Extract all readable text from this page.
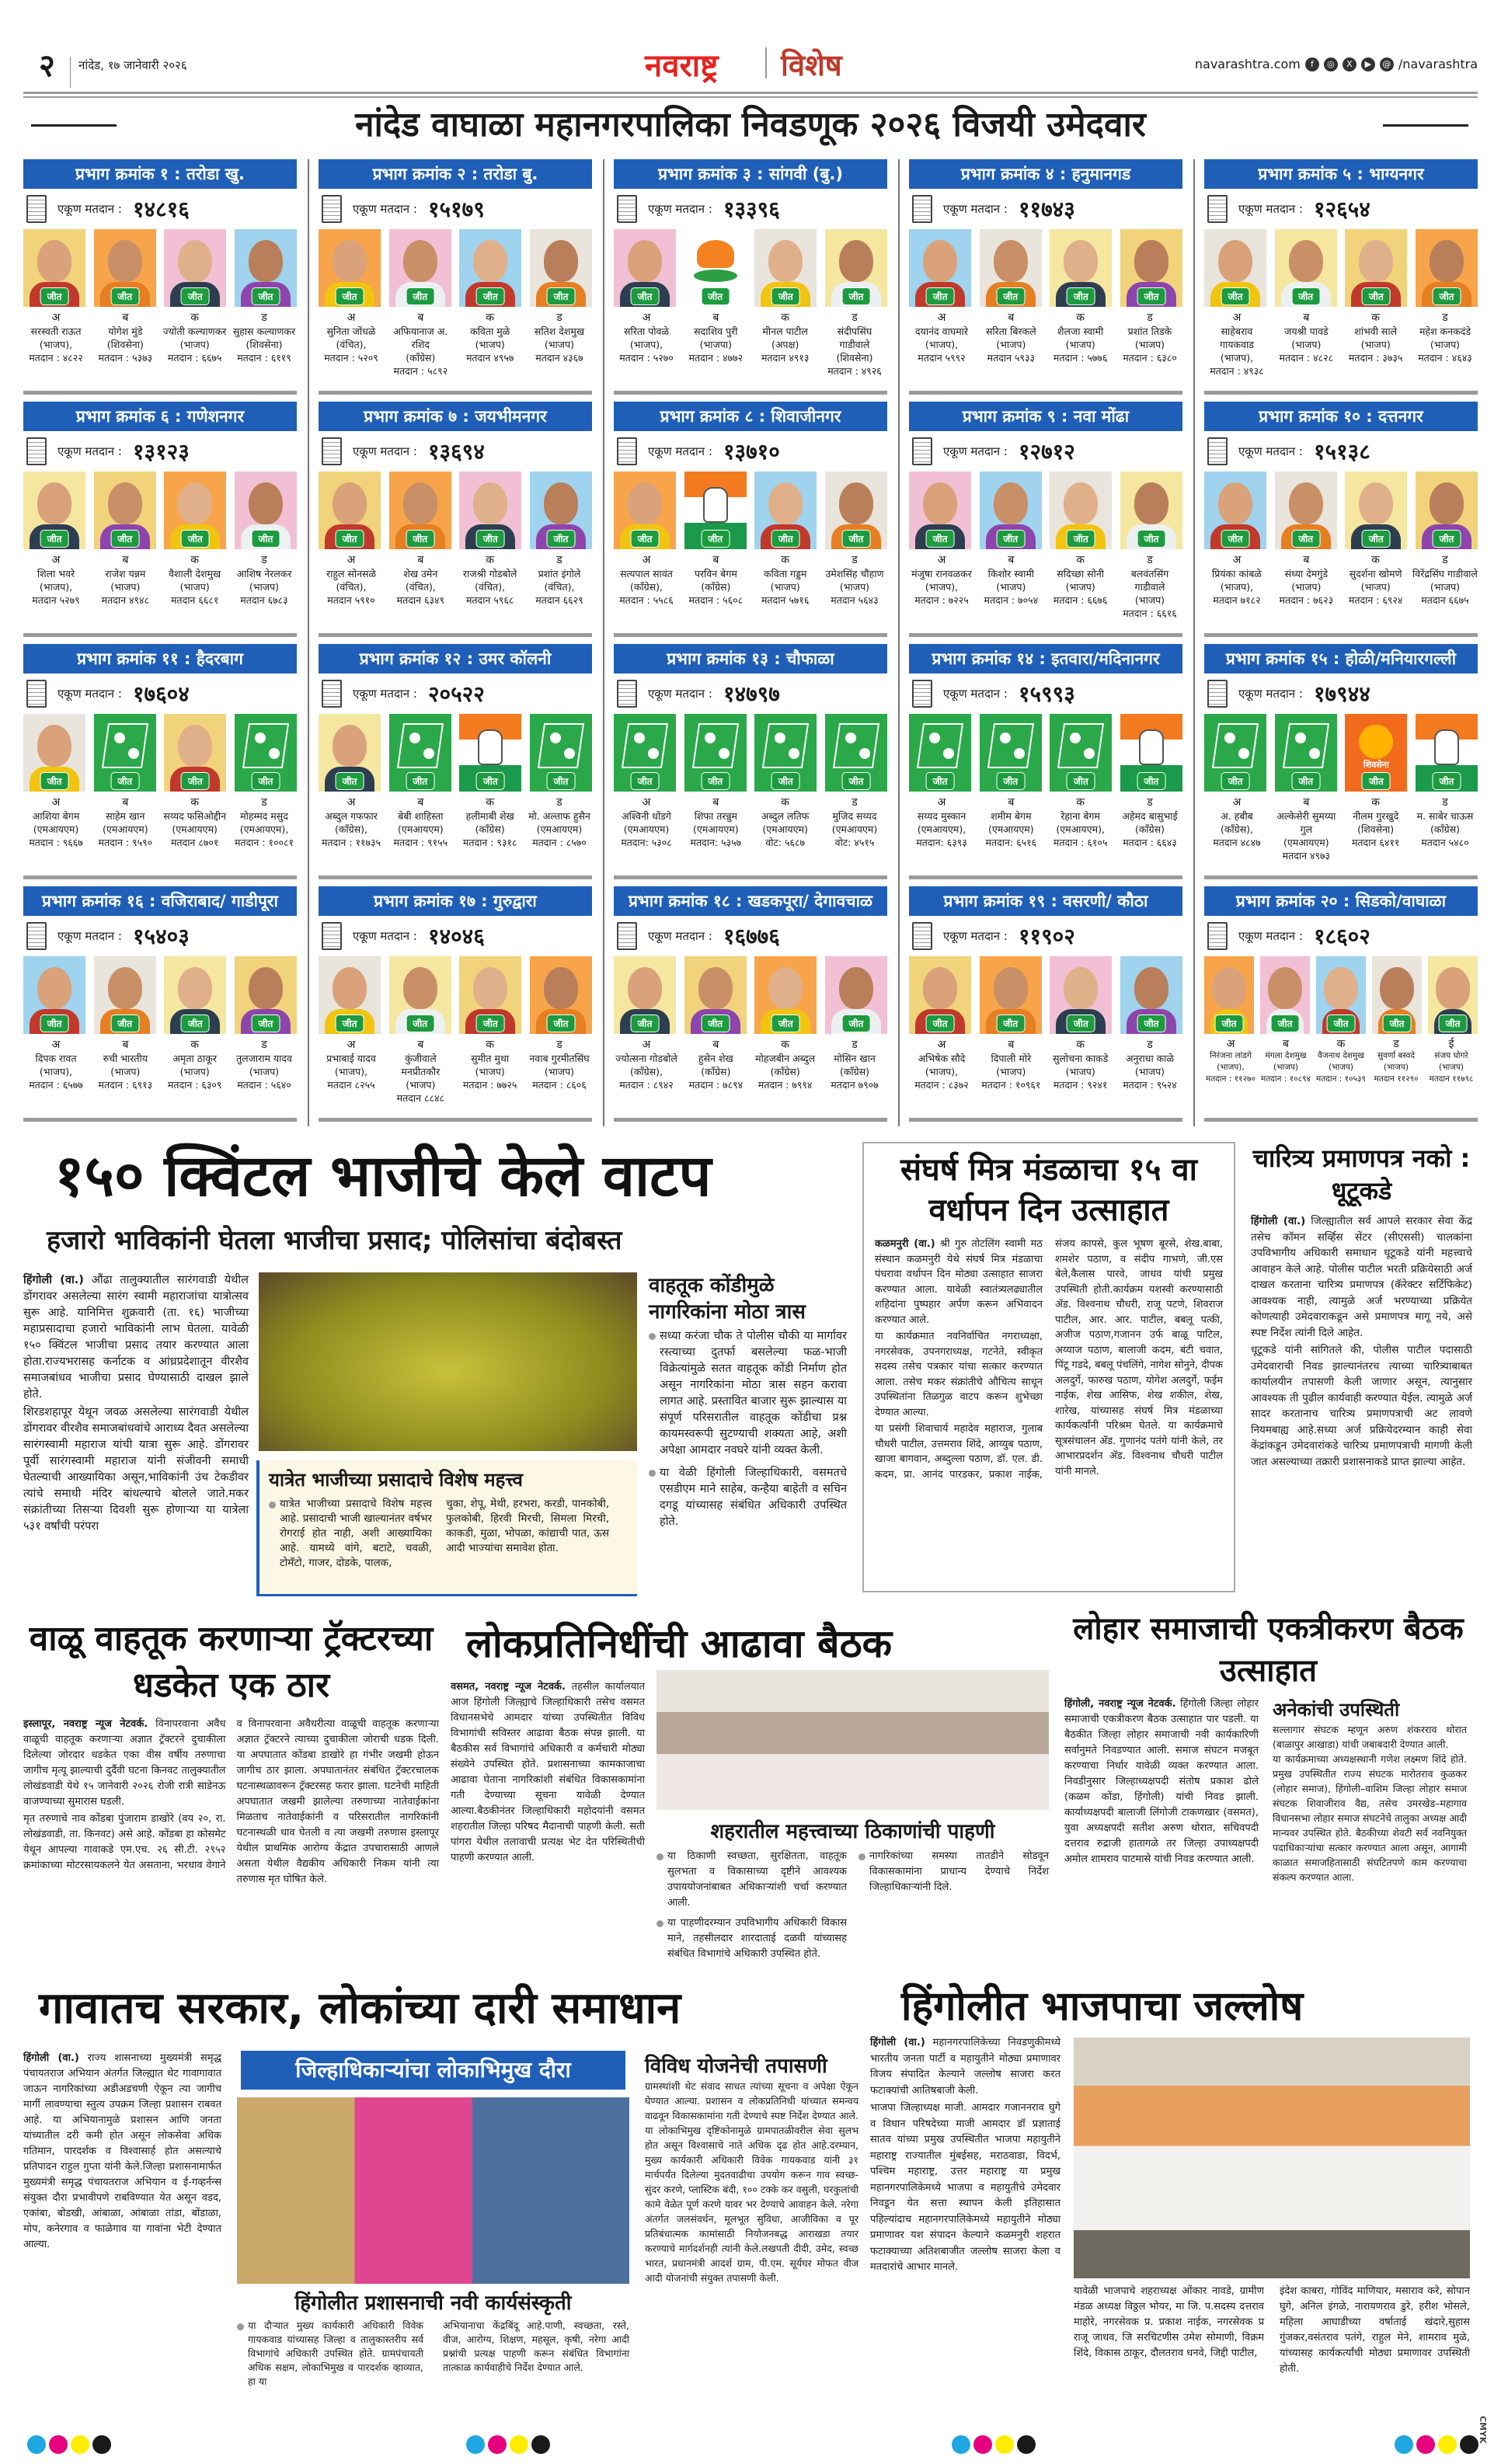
२	नांदेड, १७ जानेवारी २०२६	नवराष्ट्र विशेष	navarashtra.com	f	◎	X	▶	@ /navarashtra
नांदेड वाघाळा महानगरपालिका निवडणूक २०२६ विजयी उमेदवार
प्रभाग क्रमांक १ : तरोडा खु.
एकूण मतदान : १४८१६
जीत	जीत	जीत	जीत
अ
सरस्वती राऊत
(भाजप),
मतदान : ४८२२
ब
योगेश मुंडे
(शिवसेना)
मतदान : ५३७३
क
ज्योती कल्याणकर
(भाजप)
मतदान : ६६७५
ड
सुहास कल्याणकर
(शिवसेना)
मतदान : ६११९
प्रभाग क्रमांक २ : तरोडा बु.
एकूण मतदान : १५१७९
जीत	जीत	जीत	जीत
अ
सुनिता जोंधळे
(वंचित),
मतदान : ५२०९
ब
अफियानाज अ. रशिद
(कॉंग्रेस)
मतदान : ५८९२
क
कविता मुळे
(भाजप)
मतदान ४९५७
ड
सतिश देशमुख
(भाजप)
मतदान ४३६७
प्रभाग क्रमांक ३ : सांगवी (बु.)
एकूण मतदान : १३३९६
जीत	जीत	जीत	जीत
अ
सरिता पोवळे
(भाजप),
मतदान : ५२७०
ब
सदाशिव पुरी
(भाजपा)
मतदान : ४७७२
क
मीनल पाटील
(अपक्ष)
मतदान ४९१३
ड
संदीपसिंघ गाडीवाले
(शिवसेना)
मतदान : ४९२६
प्रभाग क्रमांक ४ : हनुमानगड
एकूण मतदान : ११७४३
जीत	जीत	जीत	जीत
अ
दयानंद वाघमारे
(भाजप),
मतदान ५९९२
ब
सरिता बिरकले
(भाजप)
मतदान ५९३३
क
शैलजा स्वामी
(भाजप)
मतदान : ५७७६
ड
प्रशांत तिडके
(भाजप)
मतदान : ६३८०
प्रभाग क्रमांक ५ : भाग्यनगर
एकूण मतदान : १२६५४
जीत	जीत	जीत	जीत
अ
साहेबराव गायकवाड
(भाजप),
मतदान : ४९३८
ब
जयश्री पावडे
(भाजप)
मतदान : ४८२८
क
शांभवी साले
(भाजप)
मतदान : ३७३५
ड
महेश कनकदंडे
(भाजप)
मतदान : ४६४३
प्रभाग क्रमांक ६ : गणेशनगर
एकूण मतदान : १३१२३
जीत	जीत	जीत	जीत
अ
शिला भवरे
(भाजप),
मतदान ५२७९
ब
राजेश यन्नम
(भाजप)
मतदान ४९४८
क
वैशाली देशमुख
(भाजप)
मतदान ६६८१
ड
आशिष नेरलकर
(भाजप)
मतदान ६७८३
प्रभाग क्रमांक ७ : जयभीमनगर
एकूण मतदान : १३६९४
जीत	जीत	जीत	जीत
अ
राहुल सोनसळे
(वंचित),
मतदान ५९१०
ब
शेख उमेन
(वंचित),
मतदान ६३४९
क
राजश्री गोडबोले
(वंचित),
मतदान ५९६८
ड
प्रशांत इंगोले
(वंचित),
मतदान ६६२९
प्रभाग क्रमांक ८ : शिवाजीनगर
एकूण मतदान : १३७१०
जीत	जीत	जीत	जीत
अ
सत्यपाल सावंत
(कॉंग्रेस),
मतदान : ५५८६
ब
परविन बेगम
(कॉंग्रेस)
मतदान : ५६०८
क
कविता गड्डम
(भाजप)
मतदान ५७१६
ड
उमेशसिंह चौहाण
(भाजप)
मतदान ५६४३
प्रभाग क्रमांक ९ : नवा मोंढा
एकूण मतदान : १२७१२
जीत	जीत	जीत	जीत
अ
मंजुषा रानवळकर
(भाजप),
मतदान : ७२२५
ब
किशोर स्वामी
(भाजप)
मतदान : ७०५४
क
सदिच्छा सोनी
(भाजप)
मतदान : ६६७६
ड
बलवंतसिंग गाडीवाले
(भाजप)
मतदान : ६६१६
प्रभाग क्रमांक १० : दत्तनगर
एकूण मतदान : १५१३८
जीत	जीत	जीत	जीत
अ
प्रियंका कांबळे
(भाजप),
मतदान ७१८२
ब
संध्या देमगुंडे
(भाजप)
मतदान : ७६२३
क
सुदर्शना खोमणे
(भाजप)
मतदान : ६९२४
ड
विरेंद्रसिंघ गाडीवाले
(भाजप)
मतदान ६६७५
प्रभाग क्रमांक ११ : हैदरबाग
एकूण मतदान : १७६०४
जीत	जीत	जीत	जीत
अ
आशिया बेगम
(एमआयएम)
मतदान : ९६६७
ब
साहेम खान
(एमआयएम)
मतदान : ९५९०
क
सय्यद फसिओद्दीन
(एमआयएम)
मतदान ८७०१
ड
मोहम्मद मसुद
(एमआयएम),
मतदान : १००८१
प्रभाग क्रमांक १२ : उमर कॉलनी
एकूण मतदान : २०५२२
जीत	जीत	जीत	जीत
अ
अब्दुल गफफार
(कॉंग्रेस),
मतदान : ११७३५
ब
बेबी शाहिस्ता
(एमआयएम)
मतदान : ९१५५
क
हलीमाबी शेख
(कॉंग्रेस)
मतदान : ९३१८
ड
मो. अल्ताफ हुसैन
(एमआयएम)
मतदान : ८५७०
प्रभाग क्रमांक १३ : चौफाळा
एकूण मतदान : १४७९७
जीत	जीत	जीत	जीत
अ
अश्विनी धोंडगे
(एमआयएम)
मतदान: ५३०८
ब
शिफा तरन्नुम
(एमआयएम)
मतदान: ५३५७
क
अब्दुल लतिफ
(एमआयएम)
वोट: ५६८७
ड
मुजिद सय्यद
(एमआयएम)
वोट: ४५१५
प्रभाग क्रमांक १४ : इतवारा/मदिनानगर
एकूण मतदान : १५९९३
जीत	जीत	जीत	जीत
अ
सय्यद मुस्कान
(एमआयएम),
मतदान: ६३९३
ब
शमीम बेगम
(एमआयएम)
मतदान: ६५१६
क
रेहाना बेगम
(एमआयएम),
मतदान : ६१०५
ड
अहेमद बासुभाई
(कॉंग्रेस)
मतदान : ६६४३
प्रभाग क्रमांक १५ : होळी/मनियारगल्ली
एकूण मतदान : १७९४४
जीत	जीत
शिवसेना
जीत	जीत
अ
अ. हबीब
(कॉंग्रेस),
मतदान ४८४७
ब
अल्केसेरी सुमय्या गुल
(एमआयएम)
मतदान ४९७३
क
नीलम गुरखुदे
(शिवसेना)
मतदान ६४११
ड
म. साबेर चाऊस
(कॉंग्रेस)
मतदान ५४८०
प्रभाग क्रमांक १६ : वजिराबाद/ गाडीपूरा
एकूण मतदान : १५४०३
जीत	जीत	जीत	जीत
अ
दिपक रावत
(भाजप),
मतदान : ६५७७
ब
रुची भारतीय
(भाजप)
मतदान : ६९१३
क
अमृता ठाकूर
(भाजप)
मतदान : ६३०९
ड
तुलजाराम यादव
(भाजप)
मतदान : ५६४०
प्रभाग क्रमांक १७ : गुरुद्वारा
एकूण मतदान : १४०४६
जीत	जीत	जीत	जीत
अ
प्रभाबाई यादव
(भाजप),
मतदान ८२५५
ब
कुंजीवाले मनप्रीतकौर
(भाजप)
मतदान ८८४८
क
सुमीत मुथा
(भाजप)
मतदान : ७७२५
ड
नवाब गुरमीतसिंघ
(भाजप)
मतदान : ८६०६
प्रभाग क्रमांक १८ : खडकपूरा/ देगावचाळ
एकूण मतदान : १६७७६
जीत	जीत	जीत	जीत
अ
ज्योत्सना गोडबोले
(कॉंग्रेस),
मतदान : ८९४२
ब
हुसेन शेख
(कॉंग्रेस)
मतदान : ७८९४
क
मोहजबीन अब्दुल
(कॉंग्रेस)
मतदान : ७९९४
ड
मोसिन खान
(कॉंग्रेस)
मतदान ७९०७
प्रभाग क्रमांक १९ : वसरणी/ कौठा
एकूण मतदान : ११९०२
जीत	जीत	जीत	जीत
अ
अभिषेक सौदे
(भाजप),
मतदान : ८३७२
ब
दिपाली मोरे
(भाजप)
मतदान : १०९६१
क
सुलोचना काकडे
(भाजप)
मतदान : ९२४१
ड
अनुराधा काळे
(भाजप)
मतदान : ९५२४
प्रभाग क्रमांक २० : सिडको/वाघाळा
एकूण मतदान : १८६०२
जीत	जीत	जीत	जीत	जीत
अ
निरंजना लांडगे
(भाजप),
मतदान : ११२७०
ब
मंगला देशमुख
(भाजप)
मतदान : १०८९४
क
वैजनाथ देशमुख
(भाजप)
मतदान : १०५३९
ड
सुवर्णा बस्वदे
(भाजप)
मतदान ११२९०
ई
संजय घोगरे
(भाजप)
मतदान ११७९८
१५० क्विंटल भाजीचे केले वाटप
हजारो भाविकांनी घेतला भाजीचा प्रसाद; पोलिसांचा बंदोबस्त

हिंगोली (वा.) औंढा तालुक्यातील सारंगवाडी येथील डोंगरावर असलेल्या सारंग स्वामी महाराजांचा यात्रोत्सव सुरू आहे. यानिमित्त शुक्रवारी (ता. १६) भाजीच्या महाप्रसादाचा हजारो भाविकांनी लाभ घेतला. यावेळी १५० क्विंटल भाजीचा प्रसाद तयार करण्यात आला होता.राज्यभरासह कर्नाटक व आंध्रप्रदेशातून वीरशैव समाजबांधव भाजीचा प्रसाद घेण्यासाठी दाखल झाले होते.

शिरडशहापूर येथून जवळ असलेल्या सारंगवाडी येथील डोंगरावर वीरशैव समाजबांधवांचे आराध्य दैवत असलेल्या सारंगस्वामी महाराज यांची यात्रा सुरू आहे. डोंगरावर पूर्वी सारंगस्वामी महाराज यांनी संजीवनी समाधी घेतल्याची आख्यायिका असून,भाविकांनी उंच टेकडीवर त्यांचे समाधी मंदिर बांधल्याचे बोलले जाते.मकर संक्रांतीच्या तिसऱ्या दिवशी सुरू होणाऱ्या या यात्रेला ५३१ वर्षांची परंपरा

यात्रेत भाजीच्या प्रसादाचे विशेष महत्त्व
यात्रेत भाजीच्या प्रसादाचे विशेष महत्त्व आहे. प्रसादाची भाजी खाल्यानंतर वर्षभर रोगराई होत नाही, अशी आख्यायिका आहे. यामध्ये वांगे, बटाटे, चवळी, टोमॅटो, गाजर, दोडके, पालक,
चुका, शेपू, मेथी, हरभरा, करडी, पानकोबी, फुलकोबी, हिरवी मिरची, सिमला मिरची, काकडी, मुळा, भोपळा, कांद्याची पात, ऊस आदी भाज्यांचा समावेश होता.
वाहतूक कोंडीमुळे नागरिकांना मोठा त्रास
सध्या करंजा चौक ते पोलीस चौकी या मार्गावर रस्त्याच्या दुतर्फा बसलेल्या फळ-भाजी विक्रेत्यांमुळे सतत वाहतूक कोंडी निर्माण होत असून नागरिकांना मोठा त्रास सहन करावा लागत आहे. प्रस्तावित बाजार सुरू झाल्यास या संपूर्ण परिसरातील वाहतूक कोंडीचा प्रश्न कायमस्वरूपी सुटण्याची शक्यता आहे, अशी अपेक्षा आमदार नवघरे यांनी व्यक्त केली.
या वेळी हिंगोली जिल्हाधिकारी, वसमतचे एसडीएम माने साहेब, कन्हैया बाहेती व सचिन दगडू यांच्यासह संबंधित अधिकारी उपस्थित होते.
संघर्ष मित्र मंडळाचा १५ वा वर्धापन दिन उत्साहात

कळमनुरी (वा.) श्री गुरु तोटलिंग स्वामी मठ संस्थान कळमनुरी येथे संघर्ष मित्र मंडळाचा पंधरावा वर्धापन दिन मोठ्या उत्साहात साजरा करण्यात आला. यावेळी स्वातंत्र्यलढ्यातील शहिदांना पुष्पहार अर्पण करून अभिवादन करण्यात आले.

या कार्यक्रमात नवनिर्वाचित नगराध्यक्षा, नगरसेवक, उपनगराध्यक्ष, गटनेते, स्वीकृत सदस्य तसेच पत्रकार यांचा सत्कार करण्यात आला. तसेच मकर संक्रांतीचे औचित्य साधून उपस्थितांना तिळगुळ वाटप करून शुभेच्छा देण्यात आल्या.

या प्रसंगी शिवाचार्य महादेव महाराज, गुलाब चौधरी पाटील, उत्तमराव शिंदे, आय्युब पठाण, खाजा बागवान, अब्दुल्ला पठाण, डॉ. एल. डी. कदम, प्रा. आनंद पारडकर, प्रकाश नाईक, संजय कापसे, कुल भूषण बूरसे, शेख.बाबा, शमशेर पठाण, व संदीप गाभणे, जी.एस बेले,कैलास पारवे, जाधव यांची प्रमुख उपस्थिती होती.कार्यक्रम यशस्वी करण्यासाठी ॲड. विश्वनाथ चौधरी, राजू पटणे, शिवराज पाटील, आर. आर. पाटील, बबलू पत्की, अजीज पठाण,गजानन उर्फ बाळू पाटिल, अय्याज पठाण, बालाजी कदम, बंटी चवात, पिंटू गडदे, बबलू पंचलिंगे, नागेश सोनुने, दीपक अलदुर्गे, फारुख पठाण, योगेश अलदुर्गे, फईम नाईक, शेख आसिफ, शेख शकील, शेख, शारेख, यांच्यासह संघर्ष मित्र मंडळाच्या कार्यकर्त्यांनी परिश्रम घेतले. या कार्यक्रमाचे सूत्रसंचालन ॲड. गुणानंद पतंगे यांनी केले, तर आभारप्रदर्शन ॲड. विश्वनाथ चौधरी पाटील यांनी मानले.

चारित्र्य प्रमाणपत्र नको : धूटूकडे

हिंगोली (वा.) जिल्ह्यातील सर्व आपले सरकार सेवा केंद्र तसेच कॉमन सर्व्हिस सेंटर (सीएससी) चालकांना उपविभागीय अधिकारी समाधान धूटूकडे यांनी महत्त्वाचे आवाहन केले आहे. पोलीस पाटील भरती प्रक्रियेसाठी अर्ज दाखल करताना चारित्र्य प्रमाणपत्र (कॅरेक्टर सर्टिफिकेट) आवश्यक नाही, त्यामुळे अर्ज भरण्याच्या प्रक्रियेत कोणत्याही उमेदवाराकडून असे प्रमाणपत्र मागू नये, असे स्पष्ट निर्देश त्यांनी दिले आहेत.

धूटूकडे यांनी सांगितले की, पोलीस पाटील पदासाठी उमेदवाराची निवड झाल्यानंतरच त्याच्या चारित्र्याबाबत कार्यालयीन तपासणी केली जाणार असून, त्यानुसार आवश्यक ती पुढील कार्यवाही करण्यात येईल. त्यामुळे अर्ज सादर करतानाच चारित्र्य प्रमाणपत्राची अट लावणे नियमबाह्य आहे.सध्या अर्ज प्रक्रियेदरम्यान काही सेवा केंद्रांकडून उमेदवारांकडे चारित्र्य प्रमाणपत्राची मागणी केली जात असल्याच्या तक्रारी प्रशासनाकडे प्राप्त झाल्या आहेत.

वाळू वाहतूक करणाऱ्या ट्रॅक्टरच्या धडकेत एक ठार

इस्लापूर, नवराष्ट्र न्यूज नेटवर्क. विनापरवाना अवैध वाळूची वाहतूक करणाऱ्या अज्ञात ट्रॅक्टरने दुचाकीला दिलेल्या जोरदार धडकेत एका वीस वर्षीय तरुणाचा जागीच मृत्यू झाल्याची दुर्दैवी घटना किनवट तालुक्यातील लोखंडवाडी येथे १५ जानेवारी २०२६ रोजी रात्री साडेनऊ वाजण्याच्या सुमारास घडली.

मृत तरुणाचे नाव कोंडबा पुंजाराम डाखोरे (वय २०, रा. लोखंडवाडी, ता. किनवट) असे आहे. कोंडबा हा कोसमेट येथून आपल्या गावाकडे एम.एच. २६ सी.टी. २९५२ क्रमांकाच्या मोटरसायकलने येत असताना, भरधाव वेगाने व विनापरवाना अवैधरीत्या वाळूची वाहतूक करणाऱ्या अज्ञात ट्रॅक्टरने त्याच्या दुचाकीला जोराची धडक दिली. या अपघातात कोंडबा डाखोरे हा गंभीर जखमी होऊन जागीच ठार झाला. अपघातानंतर संबंधित ट्रॅक्टरचालक घटनास्थळावरून ट्रॅक्टरसह फरार झाला. घटनेची माहिती अपघातात जखमी झालेल्या तरुणाच्या नातेवाईकांना मिळताच नातेवाईकांनी व परिसरातील नागरिकांनी घटनास्थळी धाव घेतली व त्या जखमी तरुणास इस्लापूर येथील प्राथमिक आरोग्य केंद्रात उपचारासाठी आणले असता येथील वैद्यकीय अधिकारी निकम यांनी त्या तरुणास मृत घोषित केले.

लोकप्रतिनिधींची आढावा बैठक

वसमत, नवराष्ट्र न्यूज नेटवर्क. तहसील कार्यालयात आज हिंगोली जिल्ह्याचे जिल्हाधिकारी तसेच वसमत विधानसभेचे आमदार यांच्या उपस्थितीत विविध विभागांची सविस्तर आढावा बैठक संपन्न झाली. या बैठकीस सर्व विभागांचे अधिकारी व कर्मचारी मोठ्या संख्येने उपस्थित होते. प्रशासनाच्या कामकाजाचा आढावा घेताना नागरिकांशी संबंधित विकासकामांना गती देण्याच्या सूचना यावेळी देण्यात आल्या.बैठकीनंतर जिल्हाधिकारी महोदयांनी वसमत शहरातील जिल्हा परिषद मैदानाची पाहणी केली. सती पांगरा येथील तलावाची प्रत्यक्ष भेट देत परिस्थितीची पाहणी करण्यात आली.

शहरातील महत्त्वाच्या ठिकाणांची पाहणी
या ठिकाणी स्वच्छता, सुरक्षितता, वाहतूक सुलभता व विकासाच्या दृष्टीने आवश्यक उपाययोजनांबाबत अधिकाऱ्यांशी चर्चा करण्यात आली.
या पाहणीदरम्यान उपविभागीय अधिकारी विकास माने, तहसीलदार शारदाताई दळवी यांच्यासह संबंधित विभागांचे अधिकारी उपस्थित होते.
नागरिकांच्या समस्या तातडीने सोडवून विकासकामांना प्राधान्य देण्याचे निर्देश जिल्हाधिकाऱ्यांनी दिले.
लोहार समाजाची एकत्रीकरण बैठक उत्साहात

हिंगोली, नवराष्ट्र न्यूज नेटवर्क. हिंगोली जिल्हा लोहार समाजाची एकत्रीकरण बैठक उत्साहात पार पडली. या बैठकीत जिल्हा लोहार समाजाची नवी कार्यकारिणी सर्वानुमते निवडण्यात आली. समाज संघटन मजबूत करण्याचा निर्धार यावेळी व्यक्त करण्यात आला. निवडीनुसार जिल्हाध्यक्षपदी संतोष प्रकाश ढोले (कळम कोंडा, हिंगोली) यांची निवड झाली. कार्याध्यक्षपदी बालाजी लिंगोजी टाकणखार (वसमत), युवा अध्यक्षपदी सतीश अरुण थोरात, सचिवपदी दत्तराव रुद्राजी हातागळे तर जिल्हा उपाध्यक्षपदी अमोल शामराव पाटमासे यांची निवड करण्यात आली.

अनेकांची उपस्थिती

सल्लागार संघटक म्हणून अरुण शंकरराव थोरात (बाळापुर आखाडा) यांची जबाबदारी देण्यात आली.

या कार्यक्रमाच्या अध्यक्षस्थानी गणेश लक्ष्मण शिंदे होते. प्रमुख उपस्थितीत राज्य संघटक मारोतराव कुळकर (लोहार समाज), हिंगोली–वाशिम जिल्हा लोहार समाज संघटक शिवाजीराव वैद्य, तसेच उमरखेड–महागाव विधानसभा लोहार समाज संघटनेचे तालुका अध्यक्ष आदी मान्यवर उपस्थित होते. बैठकीच्या शेवटी सर्व नवनियुक्त पदाधिकाऱ्यांचा सत्कार करण्यात आला असून, आगामी काळात समाजहितासाठी संघटितपणे काम करण्याचा संकल्प करण्यात आला.

गावातच सरकार, लोकांच्या दारी समाधान

हिंगोली (वा.) राज्य शासनाच्या मुख्यमंत्री समृद्ध पंचायतराज अभियान अंतर्गत जिल्ह्यात थेट गावागावात जाऊन नागरिकांच्या अडीअडचणी ऐकून त्या जागीच मार्गी लावण्याचा स्तुत्य उपक्रम जिल्हा प्रशासन राबवत आहे. या अभियानामुळे प्रशासन आणि जनता यांच्यातील दरी कमी होत असून लोकसेवा अधिक गतिमान, पारदर्शक व विश्वासार्ह होत असल्याचे प्रतिपादन राहुल गुप्ता यांनी केले.जिल्हा प्रशासनामार्फत मुख्यमंत्री समृद्ध पंचायतराज अभियान व ई-गव्हर्नन्स संयुक्त दौरा प्रभावीपणे राबविण्यात येत असून वडद, एकांबा, बोडखी, आंबाळा, आंबाळा तांडा, बोंडाळा, मोप, कनेरगाव व फाळेगाव या गावांना भेटी देण्यात आल्या.

जिल्हाधिकाऱ्यांचा लोकाभिमुख दौरा
हिंगोलीत प्रशासनाची नवी कार्यसंस्कृती
या दौऱ्यात मुख्य कार्यकारी अधिकारी विवेक गायकवाड यांच्यासह जिल्हा व तालुकास्तरीय सर्व विभागांचे अधिकारी उपस्थित होते. ग्रामपंचायती अधिक सक्षम, लोकाभिमुख व पारदर्शक व्हाव्यात, हा या
अभियानाचा केंद्रबिंदू आहे.पाणी, स्वच्छता, रस्ते, वीज, आरोग्य, शिक्षण, महसूल, कृषी, नरेगा आदी प्रश्नांची प्रत्यक्ष पाहणी करून संबंधित विभागांना तात्काळ कार्यवाहीचे निर्देश देण्यात आले.
विविध योजनेची तपासणी

ग्रामस्थांशी थेट संवाद साधत त्यांच्या सूचना व अपेक्षा ऐकून घेण्यात आल्या. प्रशासन व लोकप्रतिनिधी यांच्यात समन्वय वाढवून विकासकामांना गती देण्याचे स्पष्ट निर्देश देण्यात आले. या लोकाभिमुख दृष्टिकोनामुळे ग्रामपातळीवरील सेवा सुलभ होत असून विश्वासाचे नाते अधिक दृढ होत आहे.दरम्यान, मुख्य कार्यकारी अधिकारी विवेक गायकवाड यांनी ३१ मार्चपर्यंत दिलेल्या मुदतवाढीचा उपयोग करून गाव स्वच्छ-सुंदर करणे, प्लास्टिक बंदी, १०० टक्के कर वसुली, घरकुलांची कामे वेळेत पूर्ण करणे यावर भर देण्याचे आवाहन केले. नरेगा अंतर्गत जलसंवर्धन, मूलभूत सुविधा, आजीविका व पूर प्रतिबंधात्मक कामांसाठी नियोजनबद्ध आराखडा तयार करण्याचे मार्गदर्शनही त्यांनी केले.लखपती दीदी, उमेद, स्वच्छ भारत, प्रधानमंत्री आदर्श ग्राम, पी.एम. सूर्यघर मोफत वीज आदी योजनांची संयुक्त तपासणी केली.

हिंगोलीत भाजपाचा जल्लोष

हिंगोली (वा.) महानगरपालिकेच्या निवडणुकीमध्ये भारतीय जनता पार्टी व महायुतीने मोठ्या प्रमाणावर विजय संपादित केल्याने जल्लोष साजरा करत फटाक्यांची आतिषबाजी केली.

भाजपा जिल्हाध्यक्ष माजी. आमदार गजाननराव घुगे व विधान परिषदेच्या माजी आमदार डॉ प्रज्ञाताई सातव यांच्या प्रमुख उपस्थितीत भाजपा महायुतीने महाराष्ट्र राज्यातील मुंबईसह, मराठवाडा, विदर्भ, पश्चिम महाराष्ट्र, उत्तर महाराष्ट्र या प्रमुख महानगरपालिकेमध्ये भाजपा व महायुतीचे उमेदवार निवडून येत सत्ता स्थापन केली इतिहासात पहिल्यांदाच महानगरपालिकेमध्ये महायुतीने मोठ्या प्रमाणावर यश संपादन केल्याने कळमनुरी शहरात फटाक्याच्या अतिशबाजीत जल्लोष साजरा केला व मतदारांचे आभार मानले.

यावेळी भाजपाचे शहराध्यक्ष ओंकार नावडे, ग्रामीण मंडळ अध्यक्ष विठ्ठल भोयर, मा जि. प.सदस्य दत्तराव माहोरे, नगरसेवक प्र. प्रकाश नाईक, नगरसेवक प्र राजू जाधव, जि सरचिटणीस उमेश सोमाणी, विक्रम शिंदे, विकास ठाकूर, दौलतराव धनवे, जिद्दी पाटील,
इंदेश काबरा, गोविंद माणियार, मसाराव करे, सोपान घुगे, अनिल इंगळे, नारायणराव डुरे, हरीश भोसले, महिला आघाडीच्या वर्षाताई खंदारे,सुहास गुंजकर,वसंतराव पतंगे, राहुल मेने, शामराव मुळे, यांच्यासह कार्यकर्त्यांची मोठ्या प्रमाणावर उपस्थिती होती.
CMYK
